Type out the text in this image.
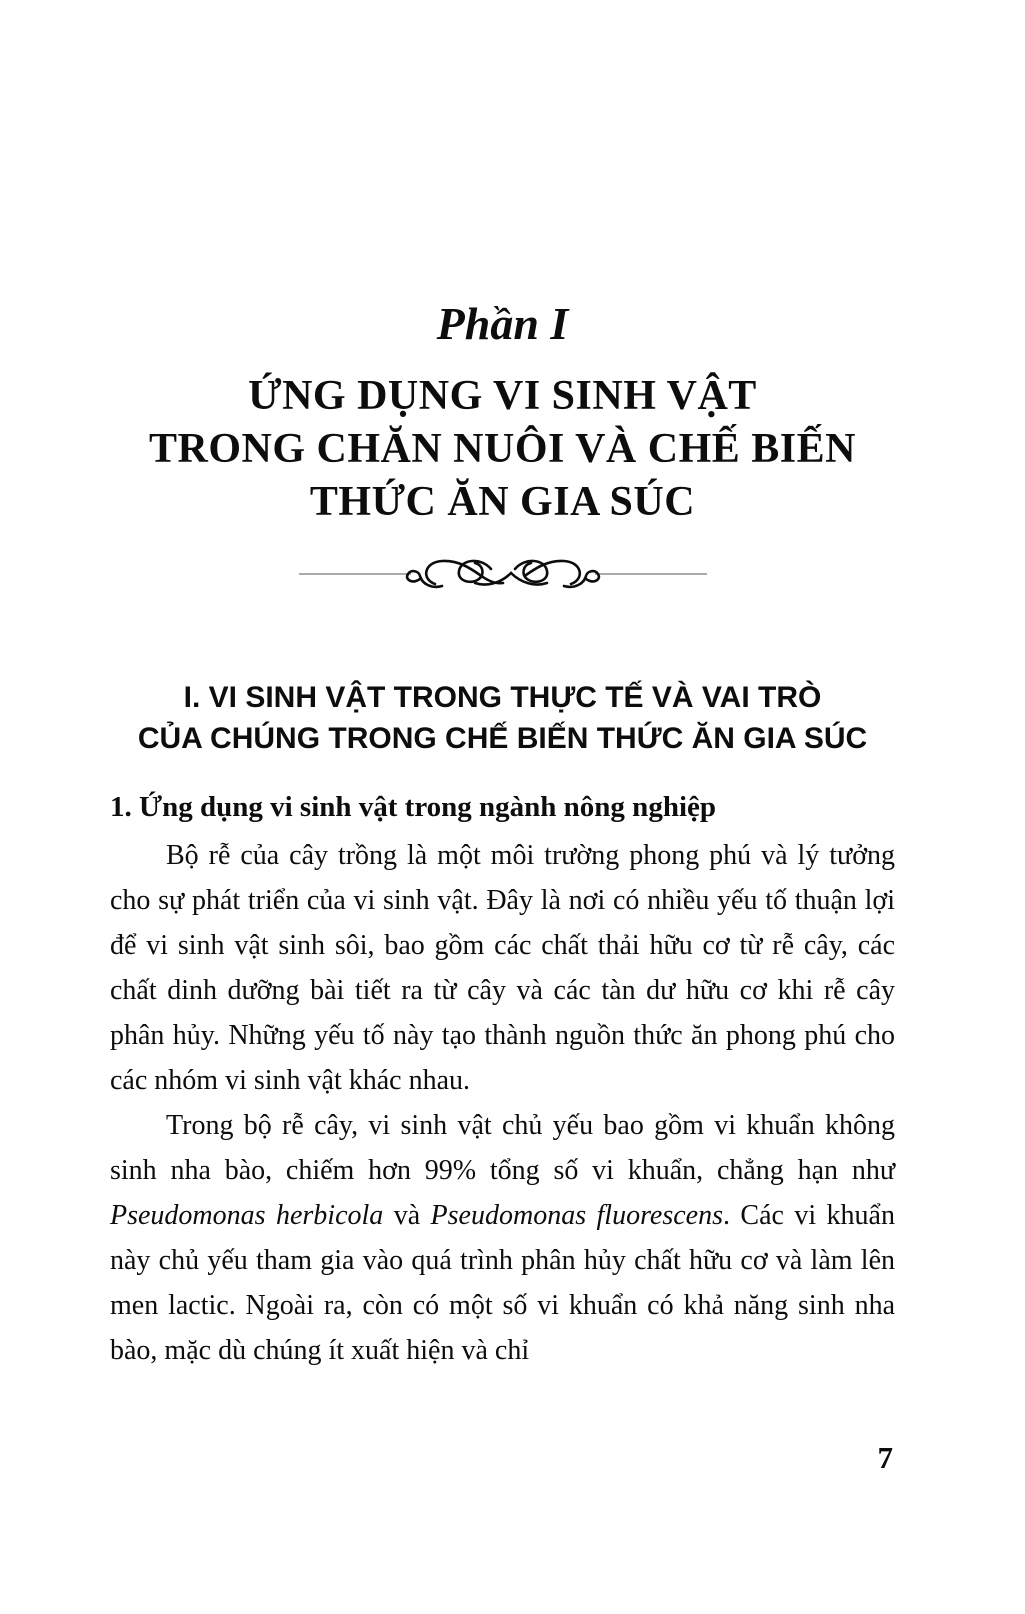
Phần I
ỨNG DỤNG VI SINH VẬT
TRONG CHĂN NUÔI VÀ CHẾ BIẾN
THỨC ĂN GIA SÚC
I. VI SINH VẬT TRONG THỰC TẾ VÀ VAI TRÒ
CỦA CHÚNG TRONG CHẾ BIẾN THỨC ĂN GIA SÚC
1. Ứng dụng vi sinh vật trong ngành nông nghiệp

Bộ rễ của cây trồng là một môi trường phong phú và lý tưởng cho sự phát triển của vi sinh vật. Đây là nơi có nhiều yếu tố thuận lợi để vi sinh vật sinh sôi, bao gồm các chất thải hữu cơ từ rễ cây, các chất dinh dưỡng bài tiết ra từ cây và các tàn dư hữu cơ khi rễ cây phân hủy. Những yếu tố này tạo thành nguồn thức ăn phong phú cho các nhóm vi sinh vật khác nhau.

Trong bộ rễ cây, vi sinh vật chủ yếu bao gồm vi khuẩn không sinh nha bào, chiếm hơn 99% tổng số vi khuẩn, chẳng hạn như Pseudomonas herbicola và Pseudomonas fluorescens. Các vi khuẩn này chủ yếu tham gia vào quá trình phân hủy chất hữu cơ và làm lên men lactic. Ngoài ra, còn có một số vi khuẩn có khả năng sinh nha bào, mặc dù chúng ít xuất hiện và chỉ

7
